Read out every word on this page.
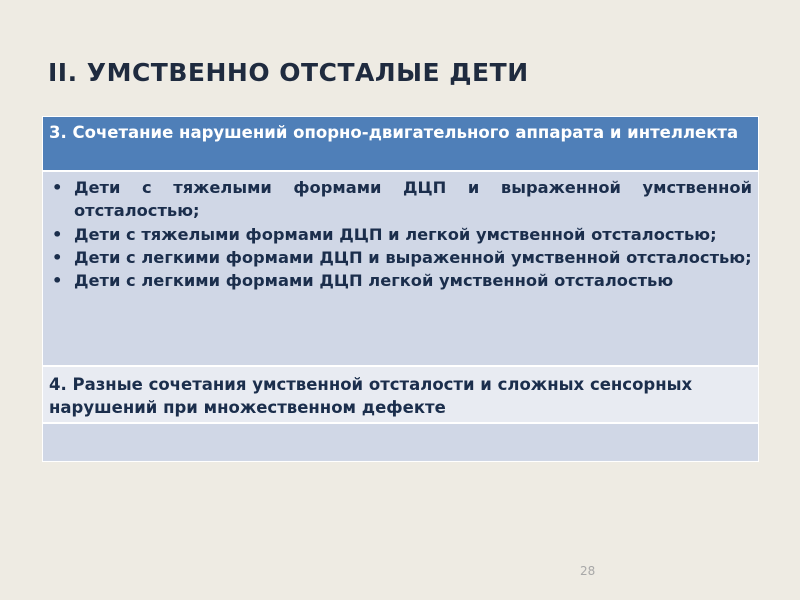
II. УМСТВЕННО ОТСТАЛЫЕ ДЕТИ
3. Сочетание нарушений опорно-двигательного аппарата и интеллекта
• Дети с тяжелыми формами ДЦП и выраженной умственной отсталостью;
• Дети с тяжелыми формами ДЦП и легкой умственной отсталостью;
• Дети с легкими формами ДЦП и выраженной умственной отсталостью;
• Дети с легкими формами ДЦП легкой умственной отсталостью
4. Разные сочетания умственной отсталости и сложных сенсорных нарушений при множественном дефекте
28
